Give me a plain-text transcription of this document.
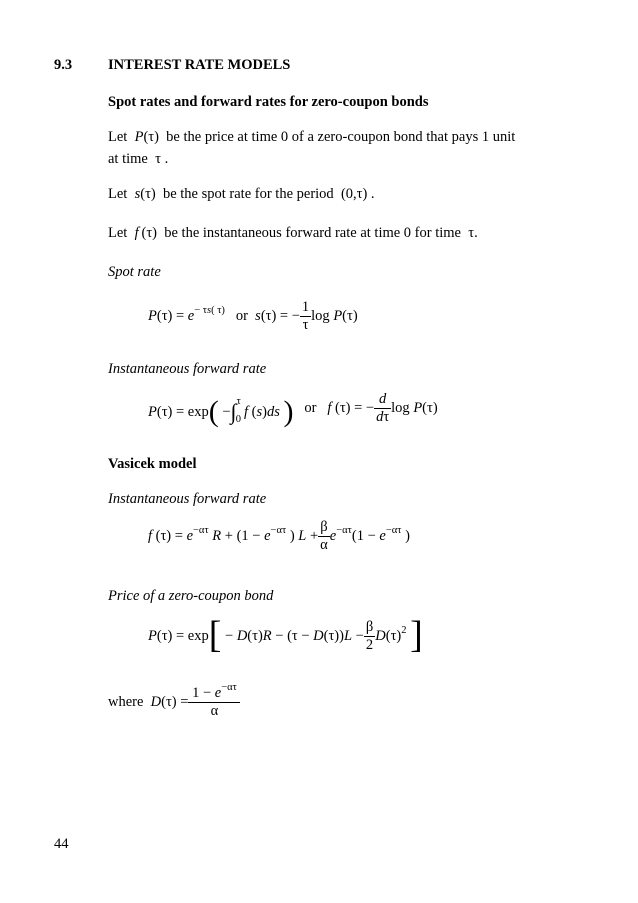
9.3 INTEREST RATE MODELS
Spot rates and forward rates for zero-coupon bonds
Let P(τ)  be the price at time 0 of a zero-coupon bond that pays 1 unit
at time  τ .
Let s(τ)  be the spot rate for the period  (0,τ) .
Let f (τ)  be the instantaneous forward rate at time 0 for time  τ.
Spot rate
$P(\tau) = e^{- \tau s( \tau)}$ or s(τ) = − $\frac{1}{\tau}$ log P(τ)
Instantaneous forward rate
P(τ) = exp( −∫$^\tau_0$  f (s)ds ) or f (τ) = − $\frac{d}{d\tau}$ log P(τ)
Vasicek model
Instantaneous forward rate
f $(\tau) = e^{-\alpha\tau}$ $R + (1 - e^{-\alpha\tau}$ ) $L + \frac{\beta}{\alpha} e^{-\alpha\tau}(1 - e^{-\alpha\tau}$ )
Price of a zero-coupon bond
$P(\tau) = \exp[ - D(\tau)R - (\tau - D(\tau))L - \frac{\beta}{2} D(\tau)^2$ ]
where $D(\tau) = \frac{1 - e^{-\alpha\tau}}{\alpha}$
44
